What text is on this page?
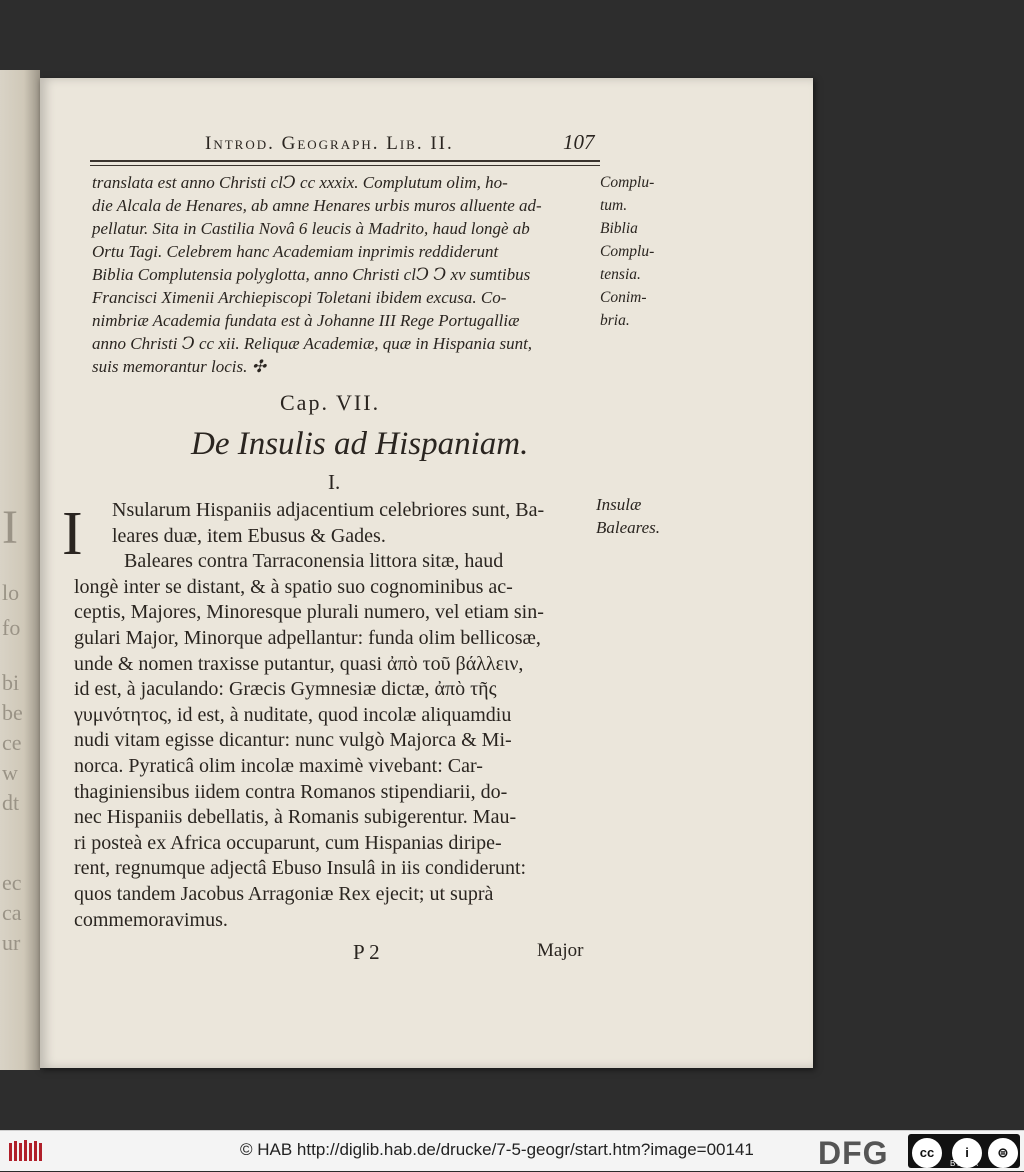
I
lo
fo
bi
be
ce
w
dt
ec
ca
ur
Introd. Geograph. Lib. II.	107
translata est anno Christi clↃ cc xxxix. Complutum olim, ho-
die Alcala de Henares, ab amne Henares urbis muros alluente ad-
pellatur. Sita in Castilia Novâ 6 leucis à Madrito, haud longè ab
Ortu Tagi. Celebrem hanc Academiam inprimis reddiderunt
Biblia Complutensia polyglotta, anno Christi clↃ Ↄ xv sumtibus
Francisci Ximenii Archiepiscopi Toletani ibidem excusa. Co-
nimbriæ Academia fundata est à Johanne III Rege Portugalliæ
anno Christi Ↄ cc xii. Reliquæ Academiæ, quæ in Hispania sunt,
suis memorantur locis. ✣
Complu-
tum.
Biblia
Complu-
tensia.
Conim-
bria.
Cap. VII.
De Insulis ad Hispaniam.
I.
I	Nsularum Hispaniis adjacentium celebriores sunt, Ba-
leares duæ, item Ebusus & Gades.
Baleares contra Tarraconensia littora sitæ, haud
longè inter se distant, & à spatio suo cognominibus ac-
ceptis, Majores, Minoresque plurali numero, vel etiam sin-
gulari Major, Minorque adpellantur: funda olim bellicosæ,
unde & nomen traxisse putantur, quasi ἀπὸ τοῦ βάλλειν,
id est, à jaculando: Græcis Gymnesiæ dictæ, ἀπὸ τῆς
γυμνότητος, id est, à nuditate, quod incolæ aliquamdiu
nudi vitam egisse dicantur: nunc vulgò Majorca & Mi-
norca. Pyraticâ olim incolæ maximè vivebant: Car-
thaginiensibus iidem contra Romanos stipendiarii, do-
nec Hispaniis debellatis, à Romanis subigerentur. Mau-
ri posteà ex Africa occuparunt, cum Hispanias diripe-
rent, regnumque adjectâ Ebuso Insulâ in iis condiderunt:
quos tandem Jacobus Arragoniæ Rex ejecit; ut suprà
commemoravimus.
Insulæ
Baleares.
P 2	Major
© HAB http://diglib.hab.de/drucke/7-5-geogr/start.htm?image=00141 DFG	cc	i	⊜
BY   SA
